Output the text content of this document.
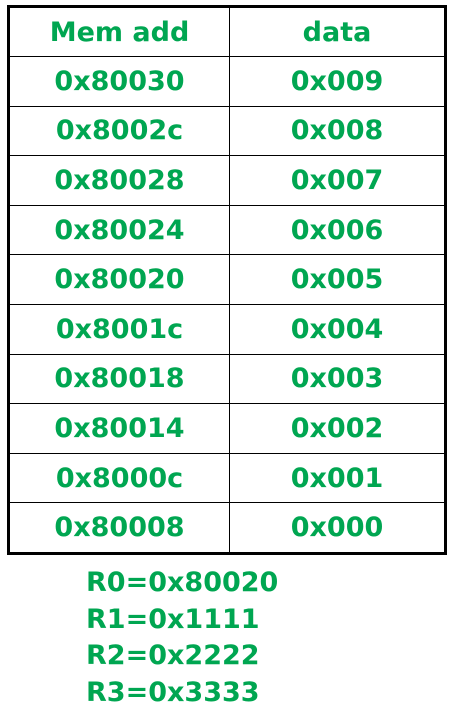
Mem add	data
0x80030	0x009
0x8002c	0x008
0x80028	0x007
0x80024	0x006
0x80020	0x005
0x8001c	0x004
0x80018	0x003
0x80014	0x002
0x8000c	0x001
0x80008	0x000
R0=0x80020
R1=0x1111
R2=0x2222
R3=0x3333
